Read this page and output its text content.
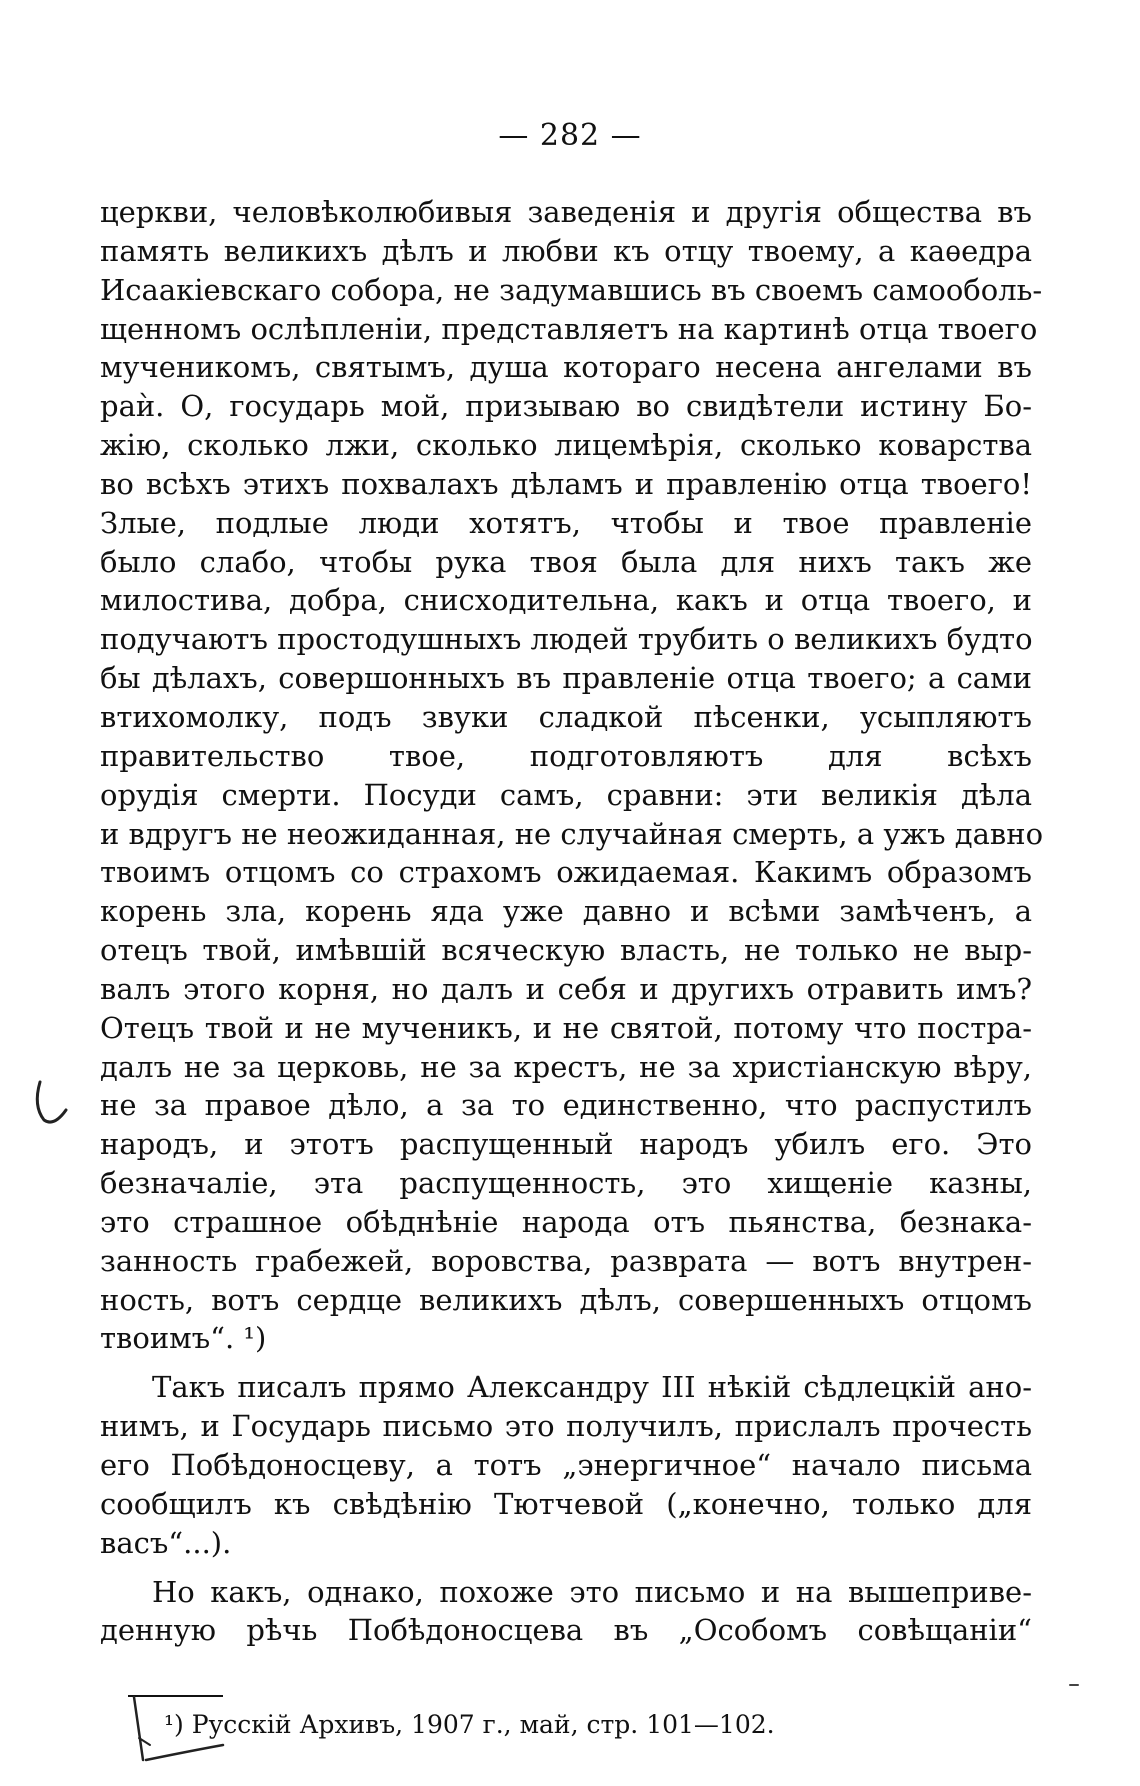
— 282 —
церкви, человѣколюбивыя заведенія и другія общества въ
память великихъ дѣлъ и любви къ отцу твоему, а каѳедра
Исаакіевскаго собора, не задумавшись въ своемъ самооболь-
щенномъ ослѣпленіи, представляетъ на картинѣ отца твоего
мученикомъ, святымъ, душа котораго несена ангелами въ
раѝ. О, государь мой, призываю во свидѣтели истину Бо-
жію, сколько лжи, сколько лицемѣрія, сколько коварства
во всѣхъ этихъ похвалахъ дѣламъ и правленію отца твоего!
Злые, подлые люди хотятъ, чтобы и твое правленіе
было слабо, чтобы рука твоя была для нихъ такъ же
милостива, добра, снисходительна, какъ и отца твоего, и
подучаютъ простодушныхъ людей трубить о великихъ будто
бы дѣлахъ, совершонныхъ въ правленіе отца твоего; а сами
втихомолку, подъ звуки сладкой пѣсенки, усыпляютъ
правительство твое, подготовляютъ для всѣхъ
орудія смерти. Посуди самъ, сравни: эти великія дѣла
и вдругъ не неожиданная, не случайная смерть, а ужъ давно
твоимъ отцомъ со страхомъ ожидаемая. Какимъ образомъ
корень зла, корень яда уже давно и всѣми замѣченъ, а
отецъ твой, имѣвшій всяческую власть, не только не выр-
валъ этого корня, но далъ и себя и другихъ отравить имъ?
Отецъ твой и не мученикъ, и не святой, потому что постра-
далъ не за церковь, не за крестъ, не за христіанскую вѣру,
не за правое дѣло, а за то единственно, что распустилъ
народъ, и этотъ распущенный народъ убилъ его. Это
безначаліе, эта распущенность, это хищеніе казны,
это страшное обѣднѣніе народа отъ пьянства, безнака-
занность грабежей, воровства, разврата — вотъ внутрен-
ность, вотъ сердце великихъ дѣлъ, совершенныхъ отцомъ
твоимъ“. ¹)
Такъ писалъ прямо Александру III нѣкій сѣдлецкій ано-
нимъ, и Государь письмо это получилъ, прислалъ прочесть
его Побѣдоносцеву, а тотъ „энергичное“ начало письма
сообщилъ къ свѣдѣнію Тютчевой („конечно, только для
васъ“...).
Но какъ, однако, похоже это письмо и на вышеприве-
денную рѣчь Побѣдоносцева въ „Особомъ совѣщаніи“
¹) Русскій Архивъ, 1907 г., май, стр. 101—102.
